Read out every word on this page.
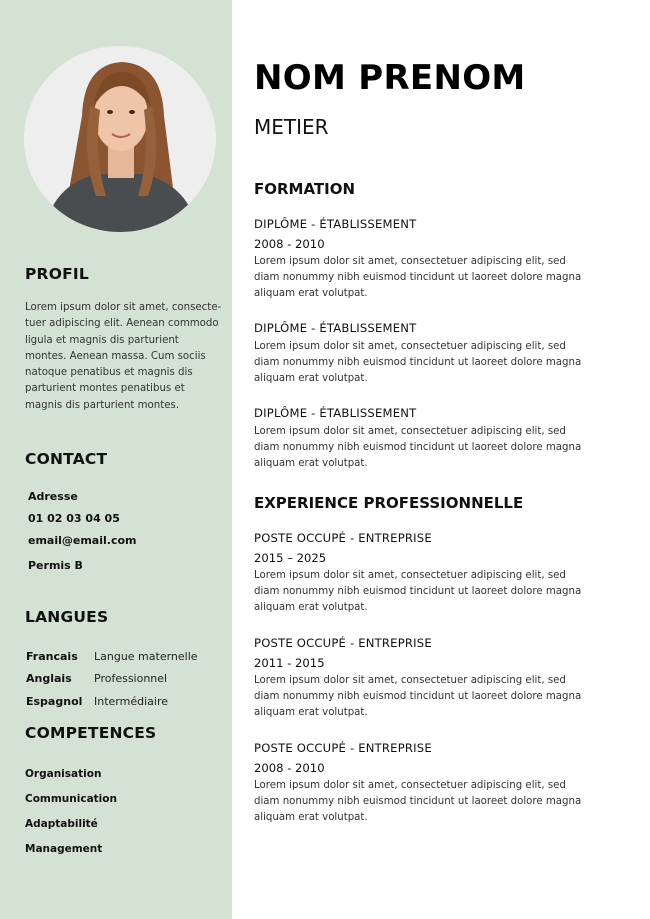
PROFIL
Lorem ipsum dolor sit amet, consecte- tuer adipiscing elit. Aenean commodo ligula et magnis dis parturient montes. Aenean massa. Cum sociis natoque penatibus et magnis dis parturient montes penatibus et magnis dis parturient montes.
CONTACT
Adresse
01 02 03 04 05
email@email.com
Permis B
LANGUES
Francais Langue maternelle
Anglais Professionnel
Espagnol Intermédiaire
COMPETENCES
Organisation
Communication
Adaptabilité
Management
NOM PRENOM
METIER
FORMATION
DIPLÔME - ÉTABLISSEMENT
2008 - 2010
Lorem ipsum dolor sit amet, consectetuer adipiscing elit, sed diam nonummy nibh euismod tincidunt ut laoreet dolore magna aliquam erat volutpat.
DIPLÔME - ÉTABLISSEMENT
Lorem ipsum dolor sit amet, consectetuer adipiscing elit, sed diam nonummy nibh euismod tincidunt ut laoreet dolore magna aliquam erat volutpat.
DIPLÔME - ÉTABLISSEMENT
Lorem ipsum dolor sit amet, consectetuer adipiscing elit, sed diam nonummy nibh euismod tincidunt ut laoreet dolore magna aliquam erat volutpat.
EXPERIENCE PROFESSIONNELLE
POSTE OCCUPÉ - ENTREPRISE
2015 – 2025
Lorem ipsum dolor sit amet, consectetuer adipiscing elit, sed diam nonummy nibh euismod tincidunt ut laoreet dolore magna aliquam erat volutpat.
POSTE OCCUPÉ - ENTREPRISE
2011 - 2015
Lorem ipsum dolor sit amet, consectetuer adipiscing elit, sed diam nonummy nibh euismod tincidunt ut laoreet dolore magna aliquam erat volutpat.
POSTE OCCUPÉ - ENTREPRISE
2008 - 2010
Lorem ipsum dolor sit amet, consectetuer adipiscing elit, sed diam nonummy nibh euismod tincidunt ut laoreet dolore magna aliquam erat volutpat.
